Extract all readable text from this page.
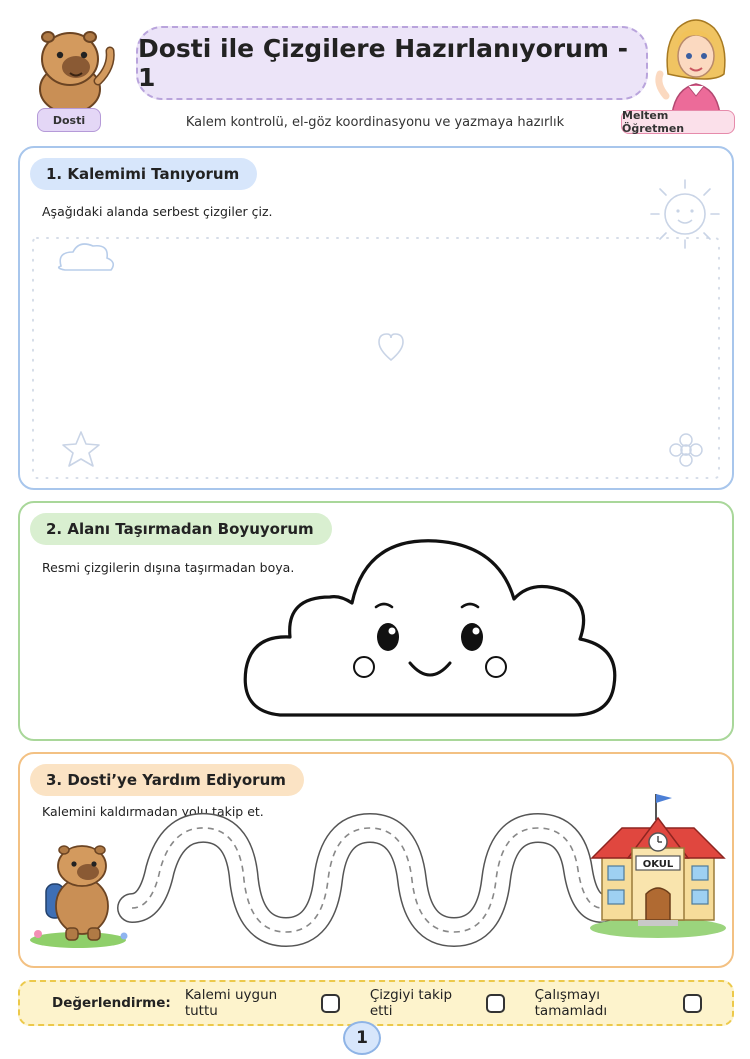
Dosti
Dosti ile Çizgilere Hazırlanıyorum - 1
Meltem Öğretmen
Kalem kontrolü, el-göz koordinasyonu ve yazmaya hazırlık
1. Kalemimi Tanıyorum
Aşağıdaki alanda serbest çizgiler çiz.
2. Alanı Taşırmadan Boyuyorum
Resmi çizgilerin dışına taşırmadan boya.
3. Dosti’ye Yardım Ediyorum
Kalemini kaldırmadan yolu takip et.
OKUL
Değerlendirme: Kalemi uygun tuttu
Çizgiyi takip etti
Çalışmayı tamamladı
1
